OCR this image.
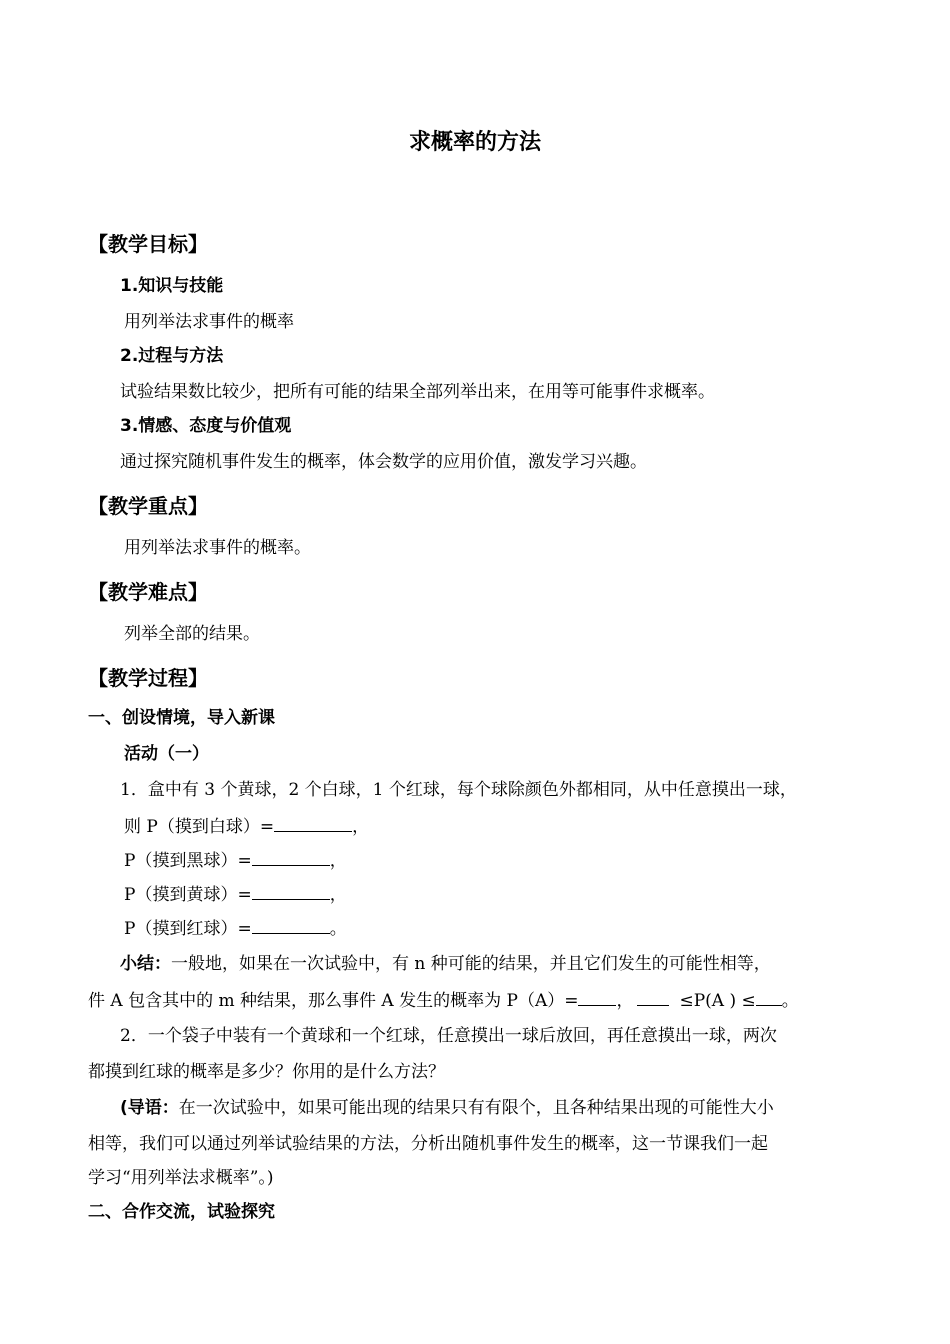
求概率的方法
【教学目标】
1.知识与技能
用列举法求事件的概率
2.过程与方法
试验结果数比较少，把所有可能的结果全部列举出来，在用等可能事件求概率。
3.情感、态度与价值观
通过探究随机事件发生的概率，体会数学的应用价值，激发学习兴趣。
【教学重点】
用列举法求事件的概率。
【教学难点】
列举全部的结果。
【教学过程】
一、创设情境，导入新课
活动（一）
1．盒中有 3 个黄球，2 个白球，1 个红球，每个球除颜色外都相同，从中任意摸出一球，
则 P（摸到白球）=	，
P（摸到黑球）=	，
P（摸到黄球）=	，
P（摸到红球）=	。
小结：一般地，如果在一次试验中，有 n 种可能的结果，并且它们发生的可能性相等，
件 A 包含其中的 m 种结果，那么事件 A 发生的概率为 P（A）= ，	≤P(A ) ≤ 。
2．一个袋子中装有一个黄球和一个红球，任意摸出一球后放回，再任意摸出一球，两次
都摸到红球的概率是多少？你用的是什么方法？
(导语：在一次试验中，如果可能出现的结果只有有限个，且各种结果出现的可能性大小
相等，我们可以通过列举试验结果的方法，分析出随机事件发生的概率，这一节课我们一起
学习“用列举法求概率”。)
二、合作交流，试验探究
